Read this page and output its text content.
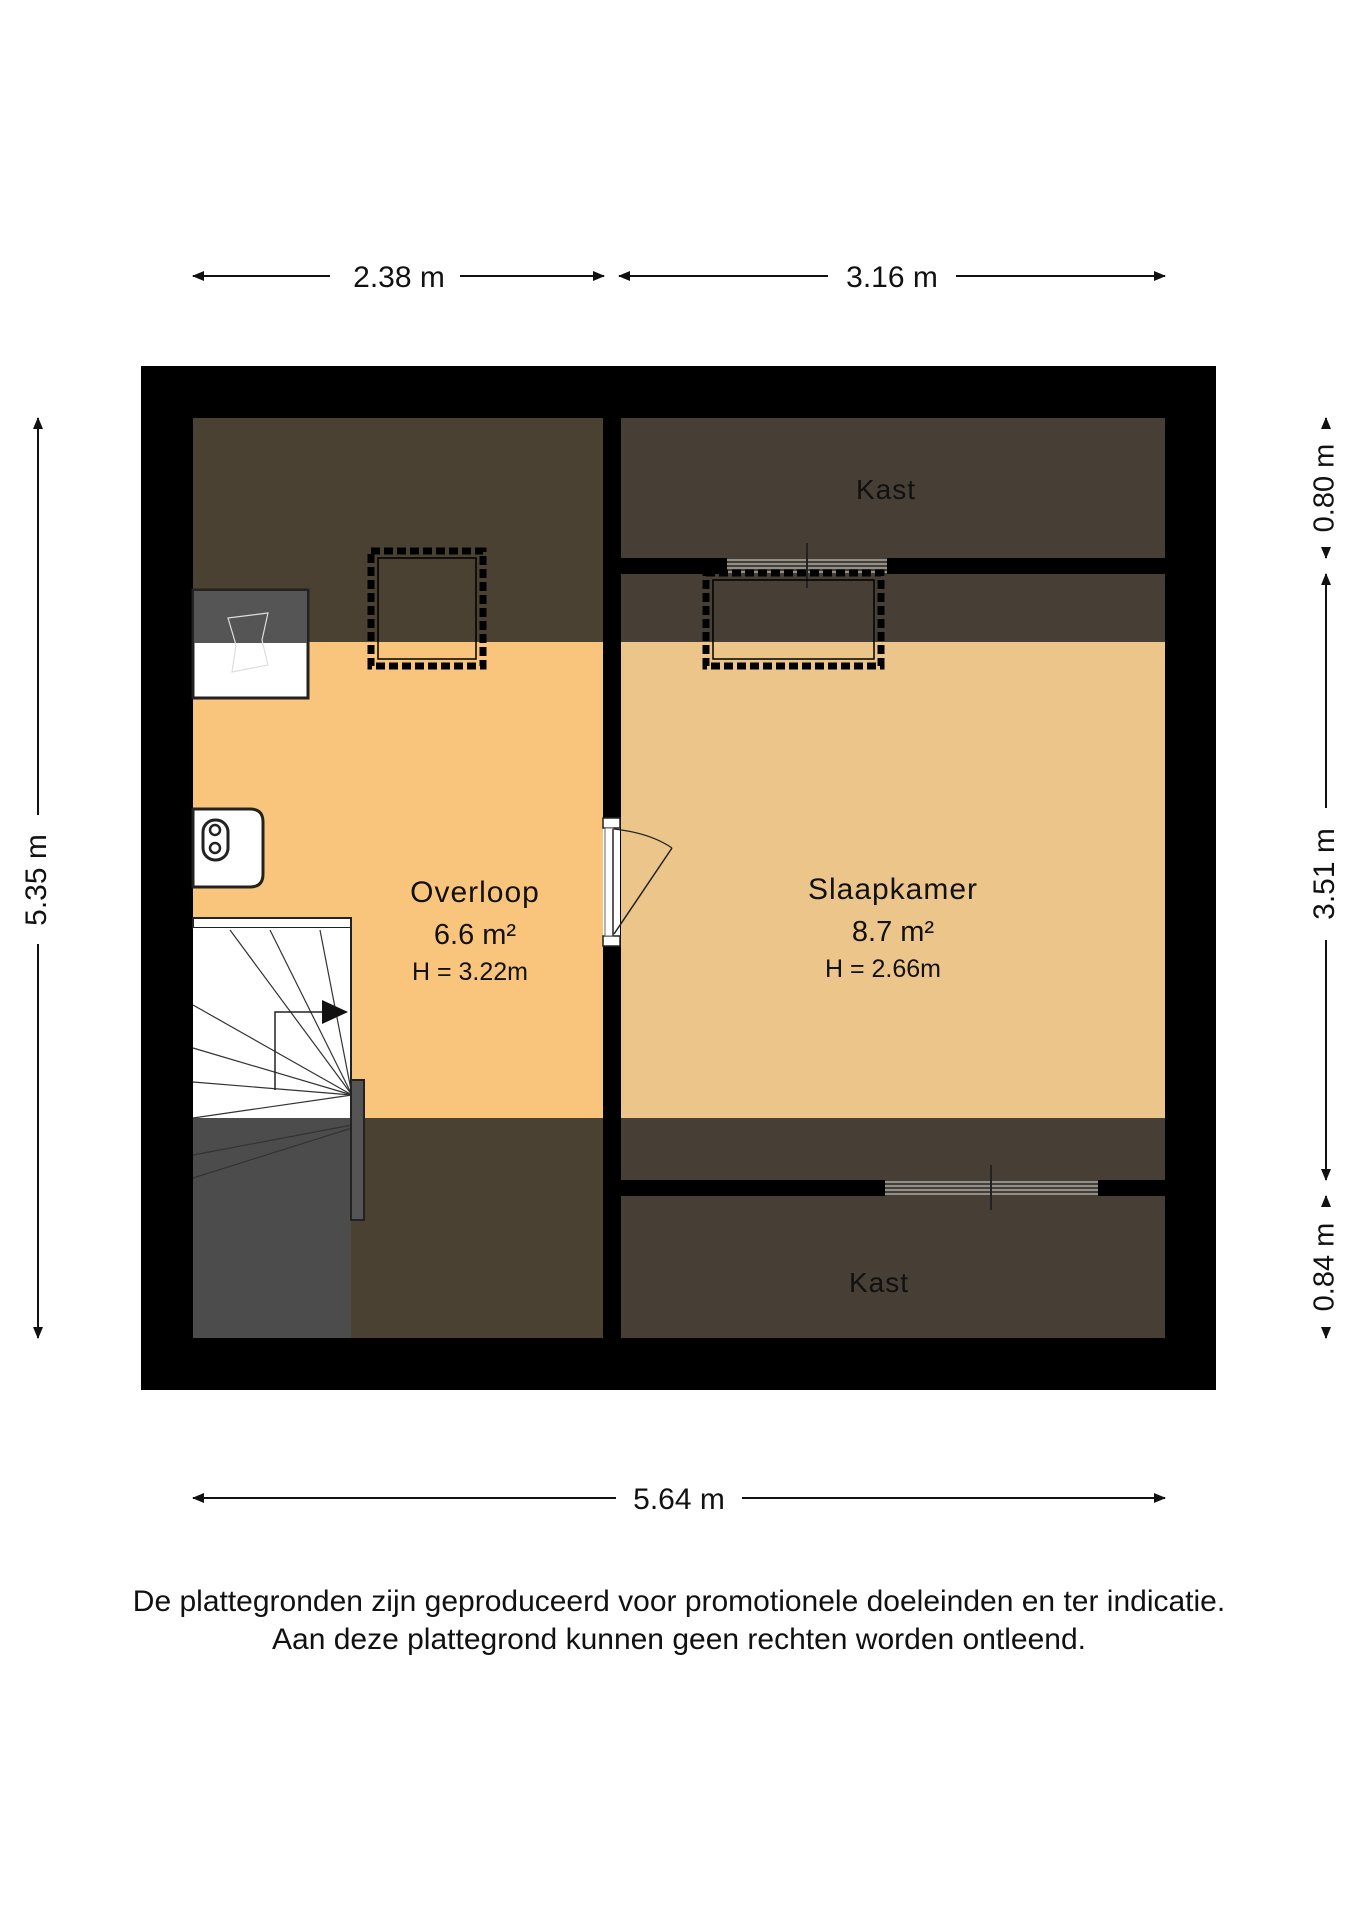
Overloop
6.6 m²
H = 3.22m
Slaapkamer
8.7 m²
H = 2.66m
Kast
Kast
2.38 m	3.16 m
5.64 m
5.35 m
0.80 m
3.51 m
0.84 m
De plattegronden zijn geproduceerd voor promotionele doeleinden en ter indicatie.
Aan deze plattegrond kunnen geen rechten worden ontleend.
